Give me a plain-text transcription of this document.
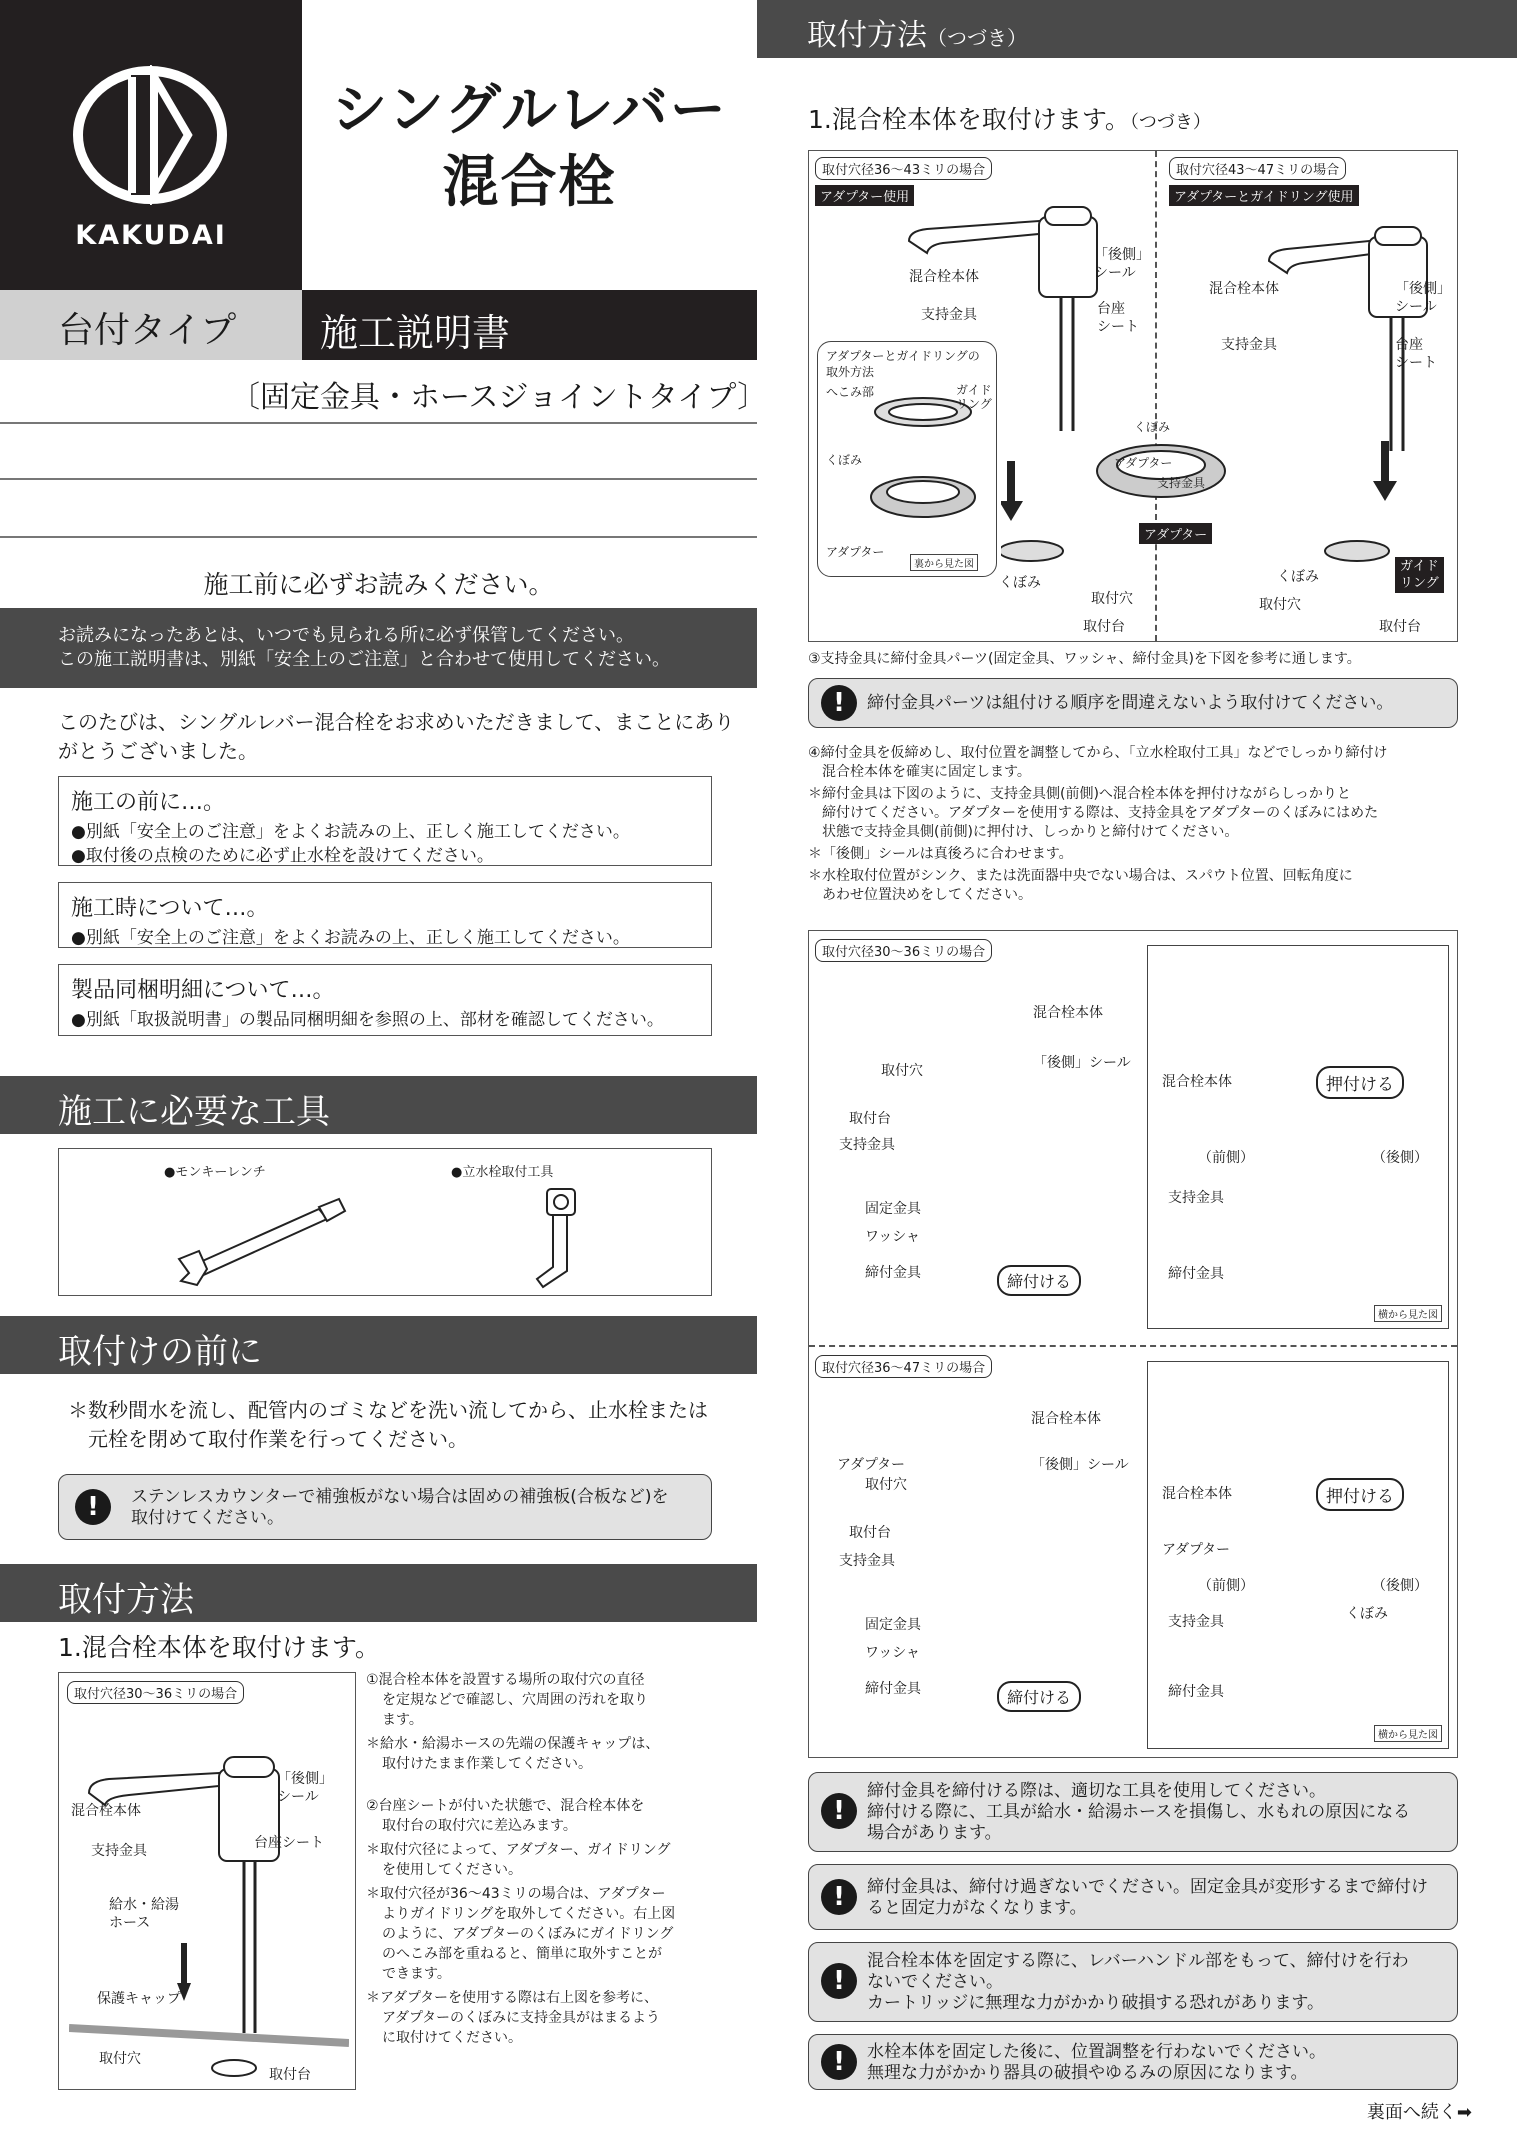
KAKUDAI
シングルレバー
混合栓
台付タイプ	施工説明書
〔固定金具・ホースジョイントタイプ〕
施工前に必ずお読みください。
お読みになったあとは、いつでも見られる所に必ず保管してください。
この施工説明書は、別紙「安全上のご注意」と合わせて使用してください。
このたびは、シングルレバー混合栓をお求めいただきまして、まことにありがとうございました。
施工の前に…。
●別紙「安全上のご注意」をよくお読みの上、正しく施工してください。
●取付後の点検のために必ず止水栓を設けてください。
施工時について…。
●別紙「安全上のご注意」をよくお読みの上、正しく施工してください。
製品同梱明細について…。
●別紙「取扱説明書」の製品同梱明細を参照の上、部材を確認してください。
施工に必要な工具
●モンキーレンチ	●立水栓取付工具
取付けの前に
＊数秒間水を流し、配管内のゴミなどを洗い流してから、止水栓または
元栓を閉めて取付作業を行ってください。
!	ステンレスカウンターで補強板がない場合は固めの補強板(合板など)を
取付けてください。
取付方法
1.混合栓本体を取付けます。
取付穴径30〜36ミリの場合
「後側」
シール
混合栓本体
台座シート
支持金具
給水・給湯
ホース
保護キャップ
取付穴
取付台
①混合栓本体を設置する場所の取付穴の直径
を定規などで確認し、穴周囲の汚れを取り
ます。
＊給水・給湯ホースの先端の保護キャップは、
取付けたまま作業してください。
②台座シートが付いた状態で、混合栓本体を
取付台の取付穴に差込みます。
＊取付穴径によって、アダプター、ガイドリング
を使用してください。
＊取付穴径が36〜43ミリの場合は、アダプター
よりガイドリングを取外してください。右上図
のように、アダプターのくぼみにガイドリング
のへこみ部を重ねると、簡単に取外すことが
できます。
＊アダプターを使用する際は右上図を参考に、
アダプターのくぼみに支持金具がはまるよう
に取付けてください。
取付方法（つづき）
1.混合栓本体を取付けます。（つづき）
取付穴径36〜43ミリの場合
アダプター使用
取付穴径43〜47ミリの場合
アダプターとガイドリング使用
混合栓本体
「後側」
シール
支持金具	台座
シート
混合栓本体
支持金具
「後側」
シール
台座
シート
アダプターとガイドリングの
取外方法
へこみ部	ガイド
リング
くぼみ
アダプター
裏から見た図
くぼみ
アダプター
支持金具
アダプター
くぼみ
取付穴
取付台
くぼみ
取付穴
取付台
ガイド
リング
③支持金具に締付金具パーツ(固定金具、ワッシャ、締付金具)を下図を参考に通します。
!	締付金具パーツは組付ける順序を間違えないよう取付けてください。
④締付金具を仮締めし、取付位置を調整してから、「立水栓取付工具」などでしっかり締付け
　混合栓本体を確実に固定します。
＊締付金具は下図のように、支持金具側(前側)へ混合栓本体を押付けながらしっかりと
　締付けてください。アダプターを使用する際は、支持金具をアダプターのくぼみにはめた
　状態で支持金具側(前側)に押付け、しっかりと締付けてください。
＊「後側」シールは真後ろに合わせます。
＊水栓取付位置がシンク、または洗面器中央でない場合は、スパウト位置、回転角度に
　あわせ位置決めをしてください。
取付穴径30〜36ミリの場合
取付穴径36〜47ミリの場合
混合栓本体	押付ける
（前側）	（後側）
支持金具
締付金具
横から見た図
混合栓本体	押付ける
アダプター
（前側）	（後側）
くぼみ
支持金具
締付金具
横から見た図
混合栓本体
「後側」シール
取付穴
取付台
支持金具
固定金具
ワッシャ
締付金具	締付ける
混合栓本体
アダプター	「後側」シール
取付穴
取付台
支持金具
固定金具
ワッシャ
締付金具	締付ける
!
締付金具を締付ける際は、適切な工具を使用してください。
締付ける際に、工具が給水・給湯ホースを損傷し、水もれの原因になる
場合があります。
!	締付金具は、締付け過ぎないでください。固定金具が変形するまで締付け
ると固定力がなくなります。
!
混合栓本体を固定する際に、レバーハンドル部をもって、締付けを行わ
ないでください。
カートリッジに無理な力がかかり破損する恐れがあります。
!	水栓本体を固定した後に、位置調整を行わないでください。
無理な力がかかり器具の破損やゆるみの原因になります。
裏面へ続く➡
